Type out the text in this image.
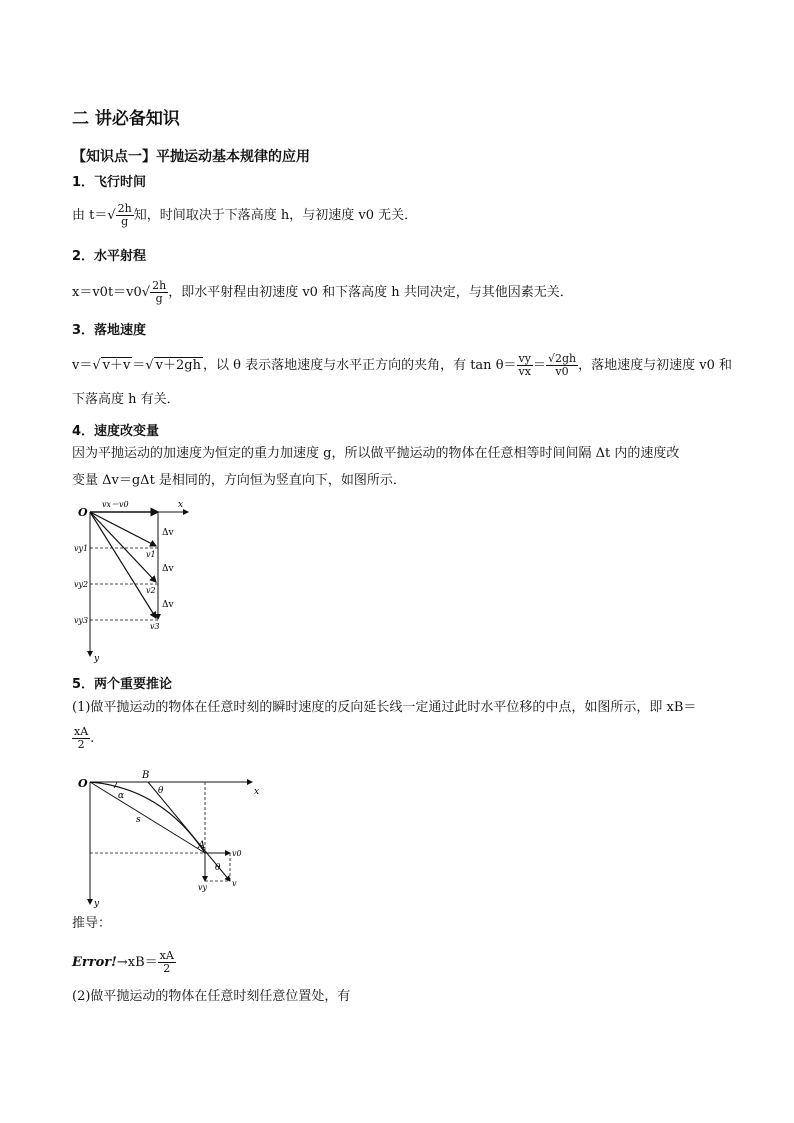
二 讲必备知识
【知识点一】平抛运动基本规律的应用
1．飞行时间
由 $t=√ \frac{2h}{g}$ 知，时间取决于下落高度 h，与初速度 v0 无关．
2．水平射程
$x=v0t=v0√ \frac{2h}{g}$ ，即水平射程由初速度 v0 和下落高度 h 共同决定，与其他因素无关．
3．落地速度
v＝√ v＋v ＝√ v＋2gh ，以 θ 表示落地速度与水平正方向的夹角，有 $\tan \theta= \frac{vy}{vx} = \frac{√2gh}{v0}$ ，落地速度与初速度 v0 和
下落高度 h 有关．
4．速度改变量
因为平抛运动的加速度为恒定的重力加速度 g，所以做平抛运动的物体在任意相等时间间隔 Δt 内的速度改
变量 Δv＝gΔt 是相同的，方向恒为竖直向下，如图所示．
O
vx＝v0	x
y
vy1
vy2
vy3
v1
v2
v3
Δv
Δv
Δv
5．两个重要推论
(1)做平抛运动的物体在任意时刻的瞬时速度的反向延长线一定通过此时水平位移的中点，如图所示，即 xB＝
$\frac{xA}{2}$ .
O
B
θ	x
α
s
A
v0
θ
vy	v
y
推导：
Error!→xB＝ $\frac{xA}{2}$
(2)做平抛运动的物体在任意时刻任意位置处，有
